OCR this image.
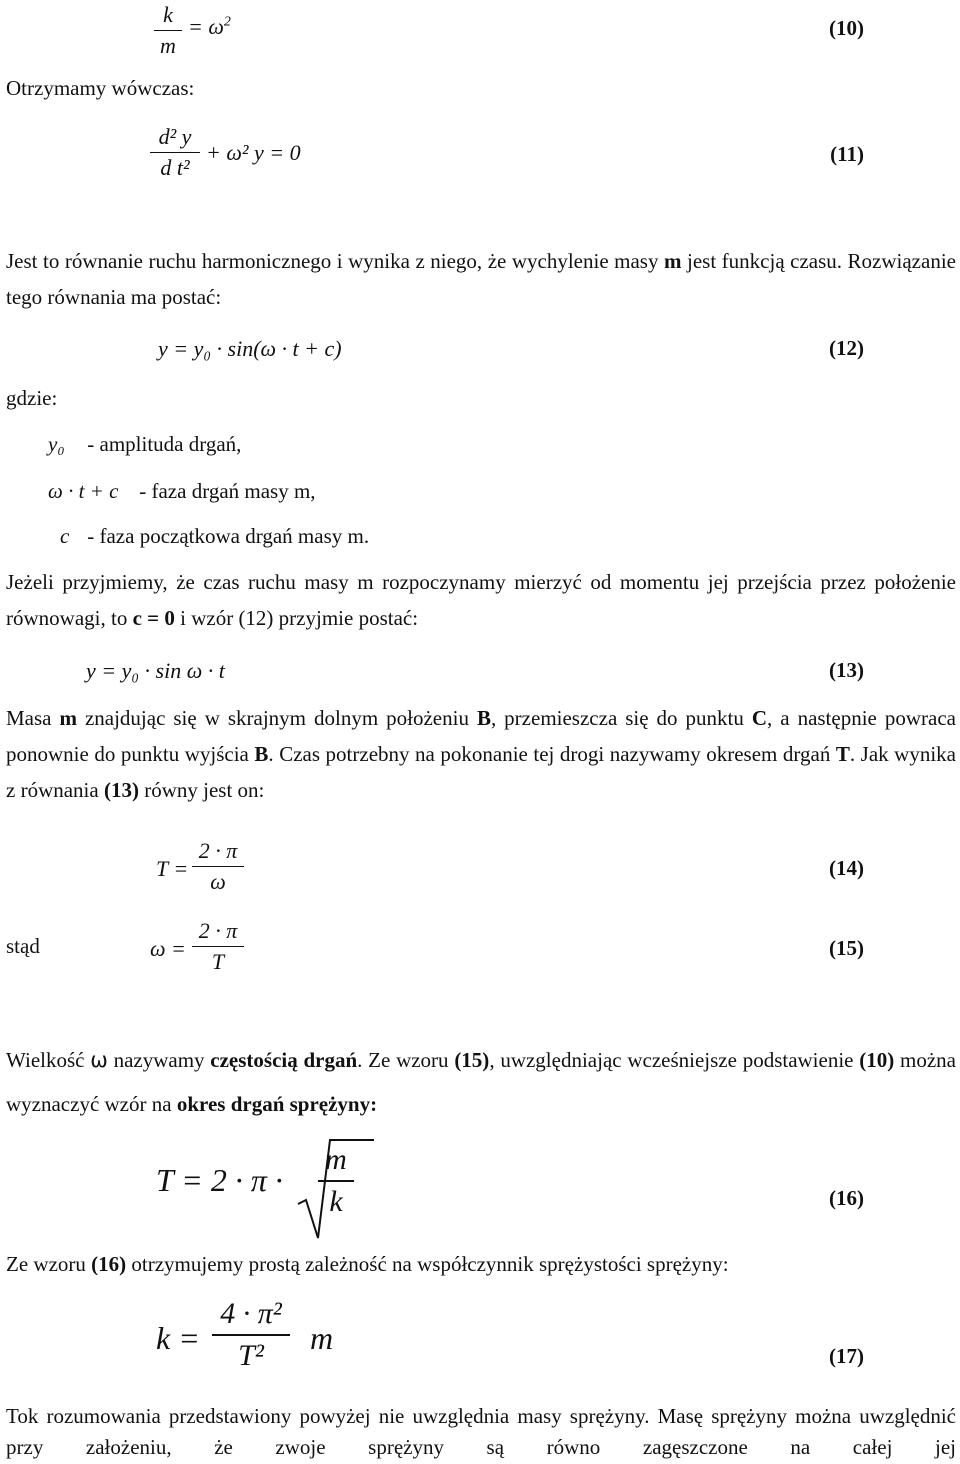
k
m
= $\omega^2$	(10)
Otrzymamy wówczas:
d² y
d t²
+ ω² y = 0	(11)
Jest to równanie ruchu harmonicznego i wynika z niego, że wychylenie masy m jest funkcją czasu. Rozwiązanie tego równania ma postać:
y = y₀ · sin(ω · t + c)	(12)
gdzie:
y₀ - amplituda drgań,
ω · t + c - faza drgań masy m,
c - faza początkowa drgań masy m.
Jeżeli przyjmiemy, że czas ruchu masy m rozpoczynamy mierzyć od momentu jej przejścia przez położenie równowagi, to c = 0 i wzór (12) przyjmie postać:
y = y₀ · sin ω · t	(13)
Masa m znajdując się w skrajnym dolnym położeniu B, przemieszcza się do punktu C, a następnie powraca ponownie do punktu wyjścia B. Czas potrzebny na pokonanie tej drogi nazywamy okresem drgań T. Jak wynika z równania (13) równy jest on:
T =
2 · π
ω
(14)
stąd	ω =
2 · π
T
(15)
Wielkość ω nazywamy częstością drgań. Ze wzoru (15), uwzględniając wcześniejsze podstawienie (10) można wyznaczyć wzór na okres drgań sprężyny:
T = 2 · π ·
m
k	(16)
Ze wzoru (16) otrzymujemy prostą zależność na współczynnik sprężystości sprężyny:
k =
4 · π²
T²	m	(17)
Tok rozumowania przedstawiony powyżej nie uwzględnia masy sprężyny. Masę sprężyny można uwzględnić przy założeniu, że zwoje sprężyny są równo zagęszczone na całej jej
